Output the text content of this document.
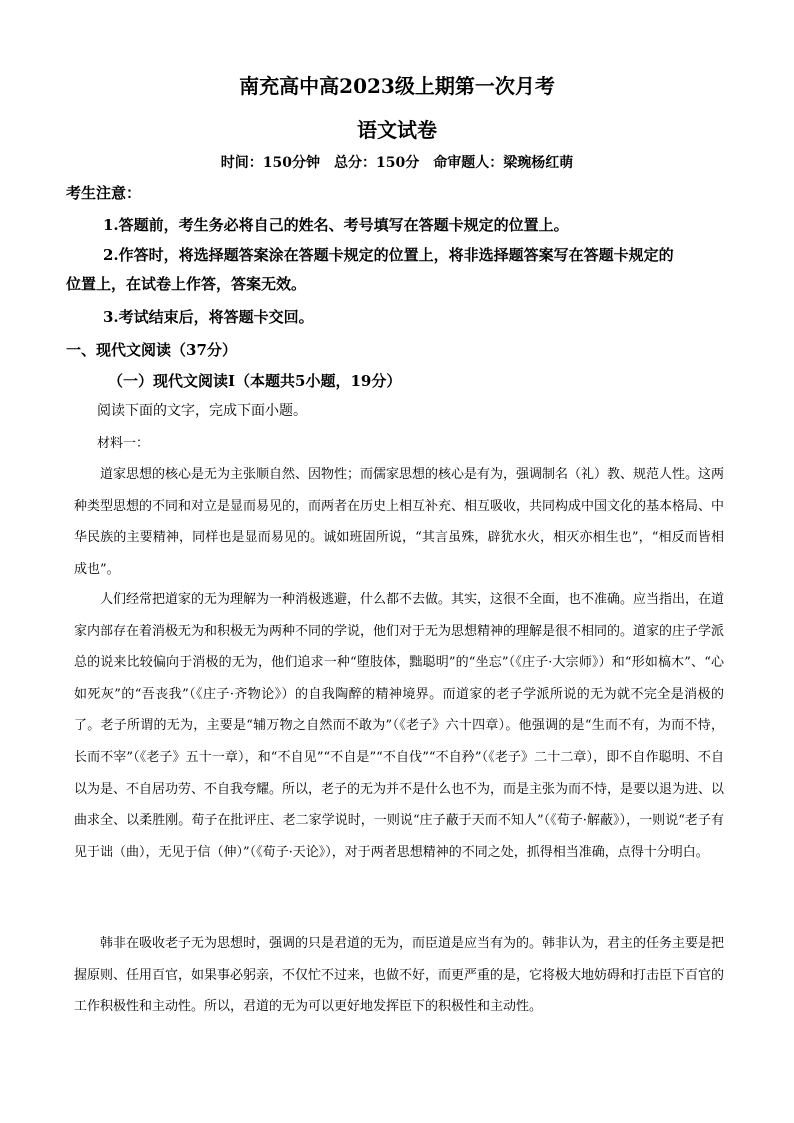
南充高中高2023级上期第一次月考
语文试卷
时间：150分钟　总分：150分　命审题人：梁琬杨红萌
考生注意：
1.答题前，考生务必将自己的姓名、考号填写在答题卡规定的位置上。
2.作答时，将选择题答案涂在答题卡规定的位置上，将非选择题答案写在答题卡规定的
位置上，在试卷上作答，答案无效。
3.考试结束后，将答题卡交回。
一、现代文阅读（37分）
（一）现代文阅读Ⅰ（本题共5小题，19分）
阅读下面的文字，完成下面小题。
材料一：

道家思想的核心是无为主张顺自然、因物性；而儒家思想的核心是有为，强调制名（礼）教、规范人性。这两种类型思想的不同和对立是显而易见的，而两者在历史上相互补充、相互吸收，共同构成中国文化的基本格局、中华民族的主要精神，同样也是显而易见的。诚如班固所说，“其言虽殊，辟犹水火，相灭亦相生也”，“相反而皆相成也”。

人们经常把道家的无为理解为一种消极逃避，什么都不去做。其实，这很不全面，也不准确。应当指出，在道家内部存在着消极无为和积极无为两种不同的学说，他们对于无为思想精神的理解是很不相同的。道家的庄子学派总的说来比较偏向于消极的无为，他们追求一种“堕肢体，黜聪明”的“坐忘”（《庄子·大宗师》）和“形如槁木”、“心如死灰”的“吾丧我”（《庄子·齐物论》）的自我陶醉的精神境界。而道家的老子学派所说的无为就不完全是消极的了。老子所谓的无为，主要是“辅万物之自然而不敢为”（《老子》六十四章）。他强调的是“生而不有，为而不恃，长而不宰”（《老子》五十一章），和“不自见”“不自是”“不自伐”“不自矜”（《老子》二十二章），即不自作聪明、不自以为是、不自居功劳、不自我夸耀。所以，老子的无为并不是什么也不为，而是主张为而不恃，是要以退为进、以曲求全、以柔胜刚。荀子在批评庄、老二家学说时，一则说“庄子蔽于天而不知人”（《荀子·解蔽》），一则说“老子有见于诎（曲），无见于信（伸）”（《荀子·天论》），对于两者思想精神的不同之处，抓得相当准确，点得十分明白。

韩非在吸收老子无为思想时，强调的只是君道的无为，而臣道是应当有为的。韩非认为，君主的任务主要是把握原则、任用百官，如果事必躬亲，不仅忙不过来，也做不好，而更严重的是，它将极大地妨碍和打击臣下百官的工作积极性和主动性。所以，君道的无为可以更好地发挥臣下的积极性和主动性。
